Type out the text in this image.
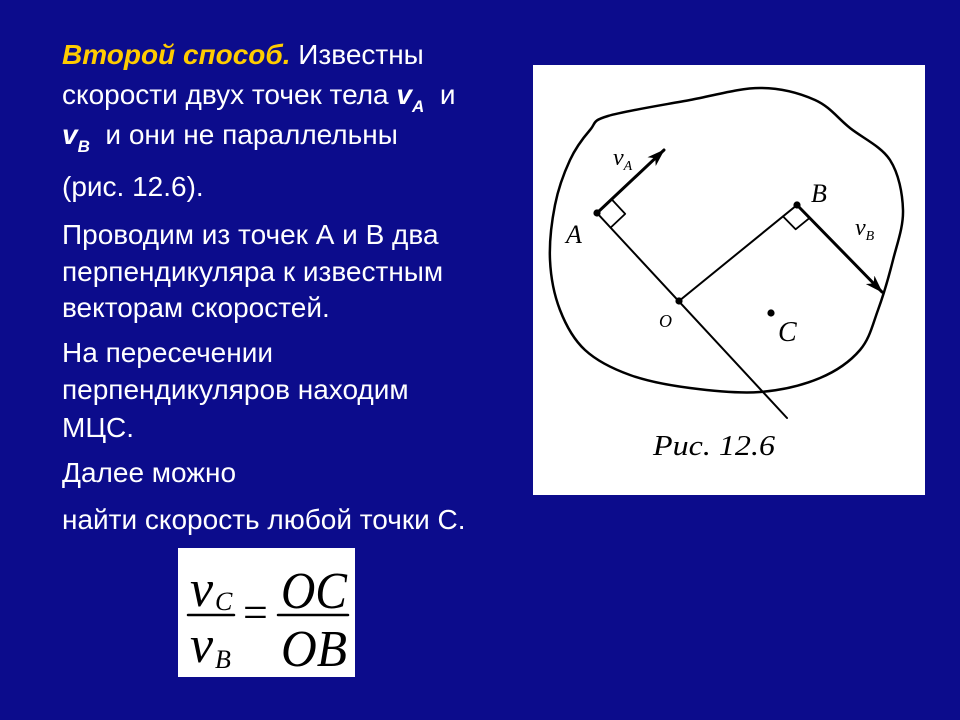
Второй способ. Известны
скорости двух точек тела $v_A$  и
$v_B$  и они не параллельны
(рис. 12.6).
Проводим из точек А и В два
перпендикуляра к известным
векторам скоростей.
На пересечении
перпендикуляров находим
МЦС.
Далее можно
найти скорость любой точки С.
A
B
O	C
$v_A$
$v_B$
Рис. 12.6
v C
v B
= OC
OB
